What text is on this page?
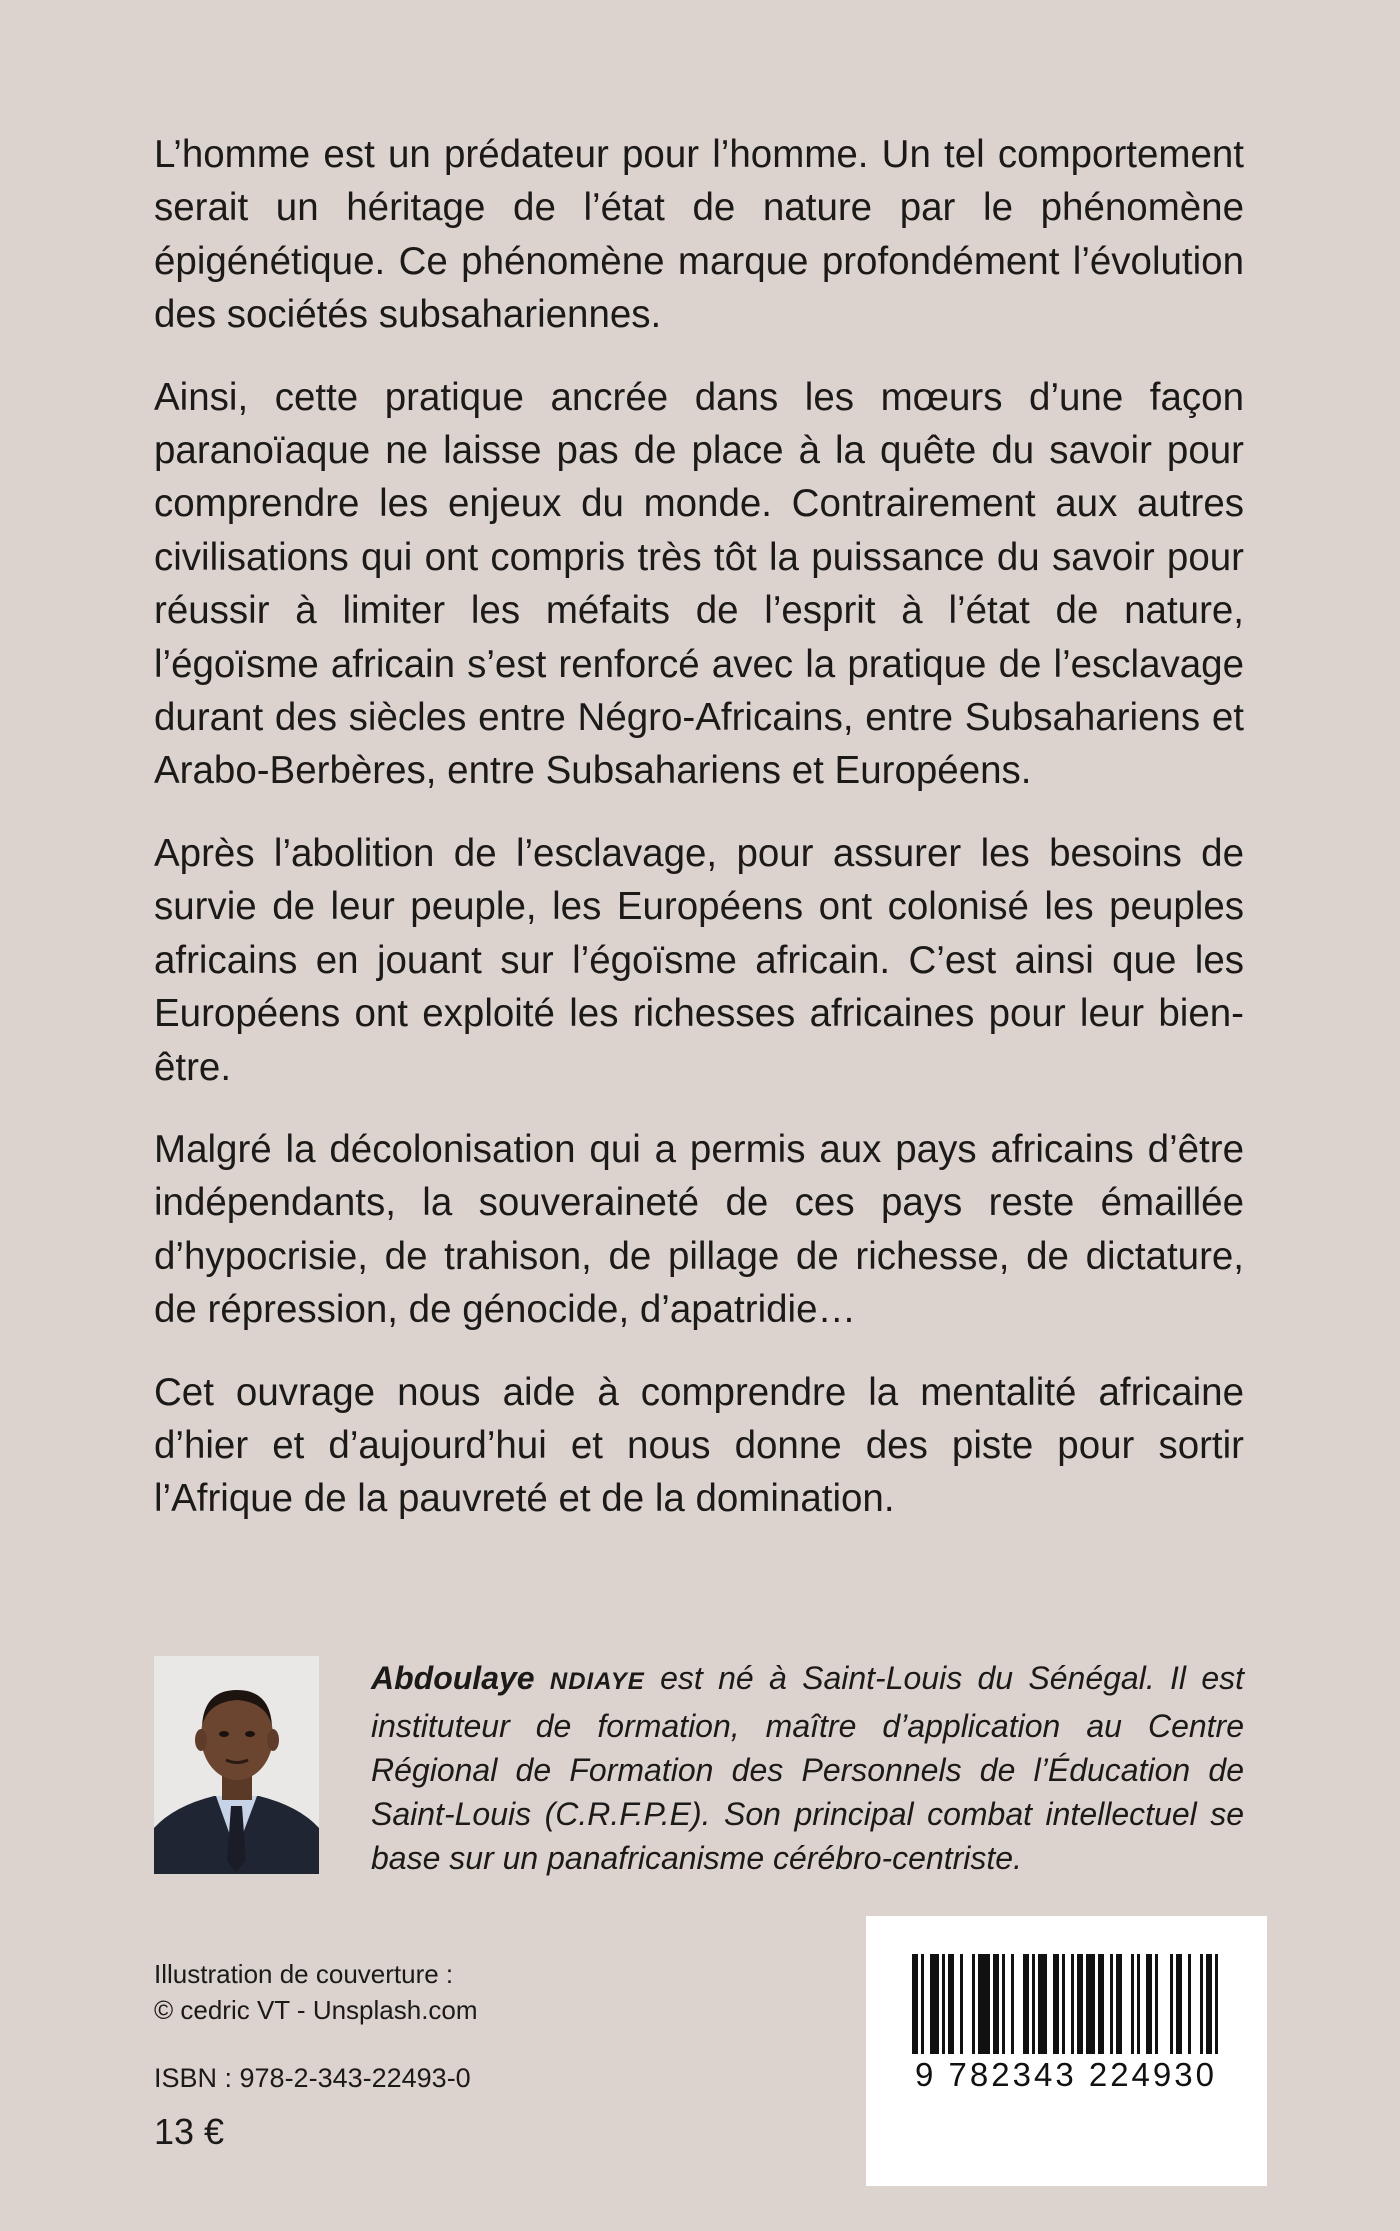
L’homme est un prédateur pour l’homme. Un tel comportement serait un héritage de l’état de nature par le phénomène épigénétique. Ce phénomène marque profondément l’évolution des sociétés subsahariennes.

Ainsi, cette pratique ancrée dans les mœurs d’une façon paranoïaque ne laisse pas de place à la quête du savoir pour comprendre les enjeux du monde. Contrairement aux autres civilisations qui ont compris très tôt la puissance du savoir pour réussir à limiter les méfaits de l’esprit à l’état de nature, l’égoïsme africain s’est renforcé avec la pratique de l’esclavage durant des siècles entre Négro-Africains, entre Subsahariens et Arabo-Berbères, entre Subsahariens et Européens.

Après l’abolition de l’esclavage, pour assurer les besoins de survie de leur peuple, les Européens ont colonisé les peuples africains en jouant sur l’égoïsme africain. C’est ainsi que les Européens ont exploité les richesses africaines pour leur bien-être.

Malgré la décolonisation qui a permis aux pays africains d’être indépendants, la souveraineté de ces pays reste émaillée d’hypocrisie, de trahison, de pillage de richesse, de dictature, de répression, de génocide, d’apatridie…

Cet ouvrage nous aide à comprendre la mentalité africaine d’hier et d’aujourd’hui et nous donne des piste pour sortir l’Afrique de la pauvreté et de la domination.

Abdoulaye NDIAYE est né à Saint-Louis du Sénégal. Il est instituteur de formation, maître d’application au Centre Régional de Formation des Personnels de l’Éducation de Saint-Louis (C.R.F.P.E). Son principal combat intellectuel se base sur un panafricanisme cérébro-centriste.
Illustration de couverture :
© cedric VT - Unsplash.com
ISBN : 978-2-343-22493-0
13 €
9 782343 224930
